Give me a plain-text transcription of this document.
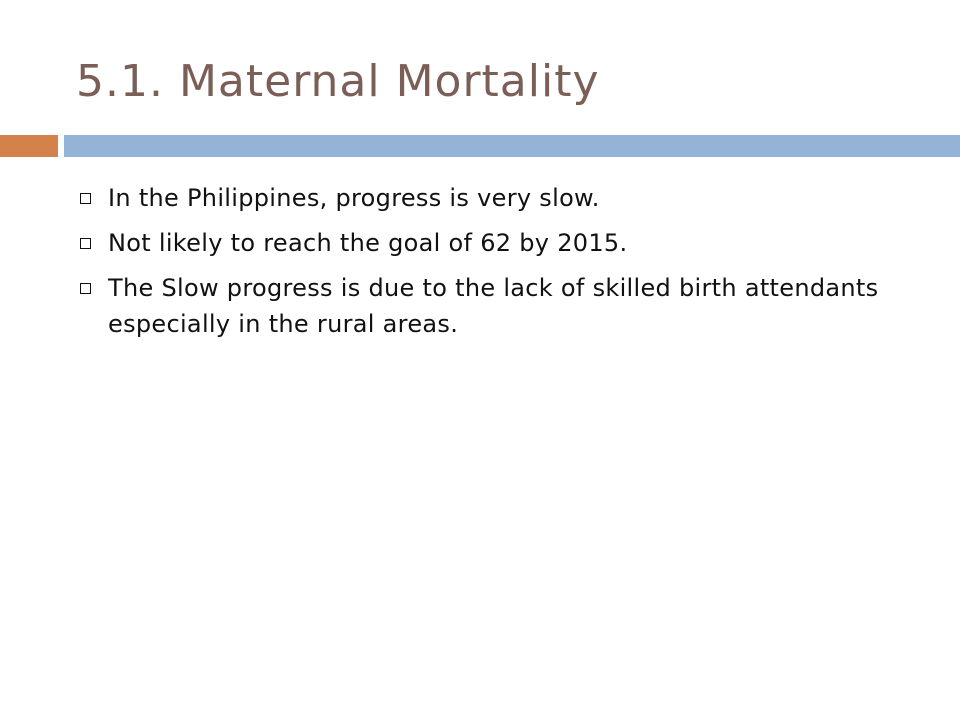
5.1. Maternal Mortality
In the Philippines, progress is very slow.
Not likely to reach the goal of 62 by 2015.
The Slow progress is due to the lack of skilled birth attendants especially in the rural areas.
